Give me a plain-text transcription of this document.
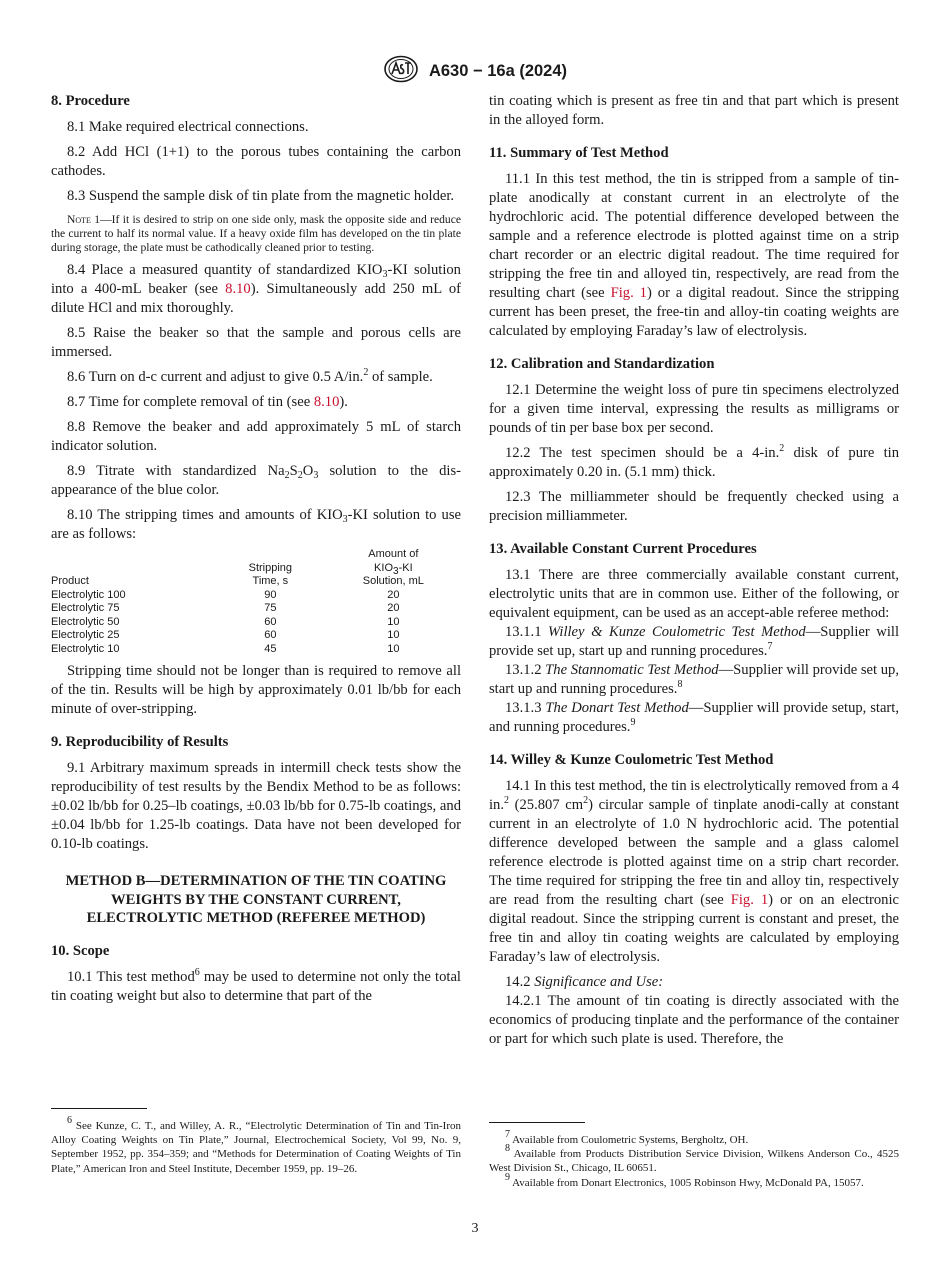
A630 − 16a (2024)
8. Procedure

8.1 Make required electrical connections.

8.2 Add HCl (1+1) to the porous tubes containing the carbon cathodes.

8.3 Suspend the sample disk of tin plate from the magnetic holder.

Note 1—If it is desired to strip on one side only, mask the opposite side and reduce the current to half its normal value. If a heavy oxide film has developed on the tin plate during storage, the plate must be cathodically cleaned prior to testing.

8.4 Place a measured quantity of standardized $KIO_3-KI$ solution into a 400-mL beaker (see 8.10). Simultaneously add 250 mL of dilute HCl and mix thoroughly.

8.5 Raise the beaker so that the sample and porous cells are immersed.

8.6 Turn on d-c current and adjust to give 0.5 A/in.$^2$ of sample.

8.7 Time for complete removal of tin (see 8.10).

8.8 Remove the beaker and add approximately 5 mL of starch indicator solution.

8.9 Titrate with standardized $Na_2S_2O_3$ solution to the dis-appearance of the blue color.

8.10 The stripping times and amounts of $KIO_3-KI$ solution to use are as follows:

		Amount of
	Stripping	$KIO_3-KI$
Product	Time, s	Solution, mL
Electrolytic 100	90	20
Electrolytic 75	75	20
Electrolytic 50	60	10
Electrolytic 25	60	10
Electrolytic 10	45	10

Stripping time should not be longer than is required to remove all of the tin. Results will be high by approximately 0.01 lb/bb for each minute of over-stripping.

9. Reproducibility of Results

9.1 Arbitrary maximum spreads in intermill check tests show the reproducibility of test results by the Bendix Method to be as follows: ±0.02 lb/bb for 0.25–lb coatings, ±0.03 lb/bb for 0.75-lb coatings, and ±0.04 lb/bb for 1.25-lb coatings. Data have not been developed for 0.10-lb coatings.

METHOD B—DETERMINATION OF THE TIN COATING WEIGHTS BY THE CONSTANT CURRENT, ELECTROLYTIC METHOD (REFEREE METHOD)
10. Scope

10.1 This test method$^6$ may be used to determine not only the total tin coating weight but also to determine that part of the

tin coating which is present as free tin and that part which is present in the alloyed form.

11. Summary of Test Method

11.1 In this test method, the tin is stripped from a sample of tin-plate anodically at constant current in an electrolyte of the hydrochloric acid. The potential difference developed between the sample and a reference electrode is plotted against time on a strip chart recorder or an electric digital readout. The time required for stripping the free tin and alloyed tin, respectively, are read from the resulting chart (see Fig. 1) or a digital readout. Since the stripping current has been preset, the free-tin and alloy-tin coating weights are calculated by employing Faraday’s law of electrolysis.

12. Calibration and Standardization

12.1 Determine the weight loss of pure tin specimens electrolyzed for a given time interval, expressing the results as milligrams or pounds of tin per base box per second.

12.2 The test specimen should be a 4-in.$^2$ disk of pure tin approximately 0.20 in. (5.1 mm) thick.

12.3 The milliammeter should be frequently checked using a precision milliammeter.

13. Available Constant Current Procedures

13.1 There are three commercially available constant current, electrolytic units that are in common use. Either of the following, or equivalent equipment, can be used as an accept-able referee method:

13.1.1 Willey & Kunze Coulometric Test Method—Supplier will provide set up, start up and running procedures.$^7$

13.1.2 The Stannomatic Test Method—Supplier will provide set up, start up and running procedures.$^8$

13.1.3 The Donart Test Method—Supplier will provide setup, start, and running procedures.$^9$

14. Willey & Kunze Coulometric Test Method

14.1 In this test method, the tin is electrolytically removed from a 4 in.$^2$ (25.807 $cm^2$) circular sample of tinplate anodi-cally at constant current in an electrolyte of 1.0 N hydrochloric acid. The potential difference developed between the sample and a glass calomel reference electrode is plotted against time on a strip chart recorder. The time required for stripping the free tin and alloy tin, respectively are read from the resulting chart (see Fig. 1) or on an electronic digital readout. Since the stripping current is constant and preset, the free tin and alloy tin coating weights are calculated by employing Faraday’s law of electrolysis.

14.2 Significance and Use:

14.2.1 The amount of tin coating is directly associated with the economics of producing tinplate and the performance of the container or part for which such plate is used. Therefore, the

$^6$ See Kunze, C. T., and Willey, A. R., “Electrolytic Determination of Tin and Tin-Iron Alloy Coating Weights on Tin Plate,” Journal, Electrochemical Society, Vol 99, No. 9, September 1952, pp. 354–359; and “Methods for Determination of Coating Weights of Tin Plate,” American Iron and Steel Institute, December 1959, pp. 19–26.
$^7$ Available from Coulometric Systems, Bergholtz, OH.
$^8$ Available from Products Distribution Service Division, Wilkens Anderson Co., 4525 West Division St., Chicago, IL 60651.
$^9$ Available from Donart Electronics, 1005 Robinson Hwy, McDonald PA, 15057.
3
